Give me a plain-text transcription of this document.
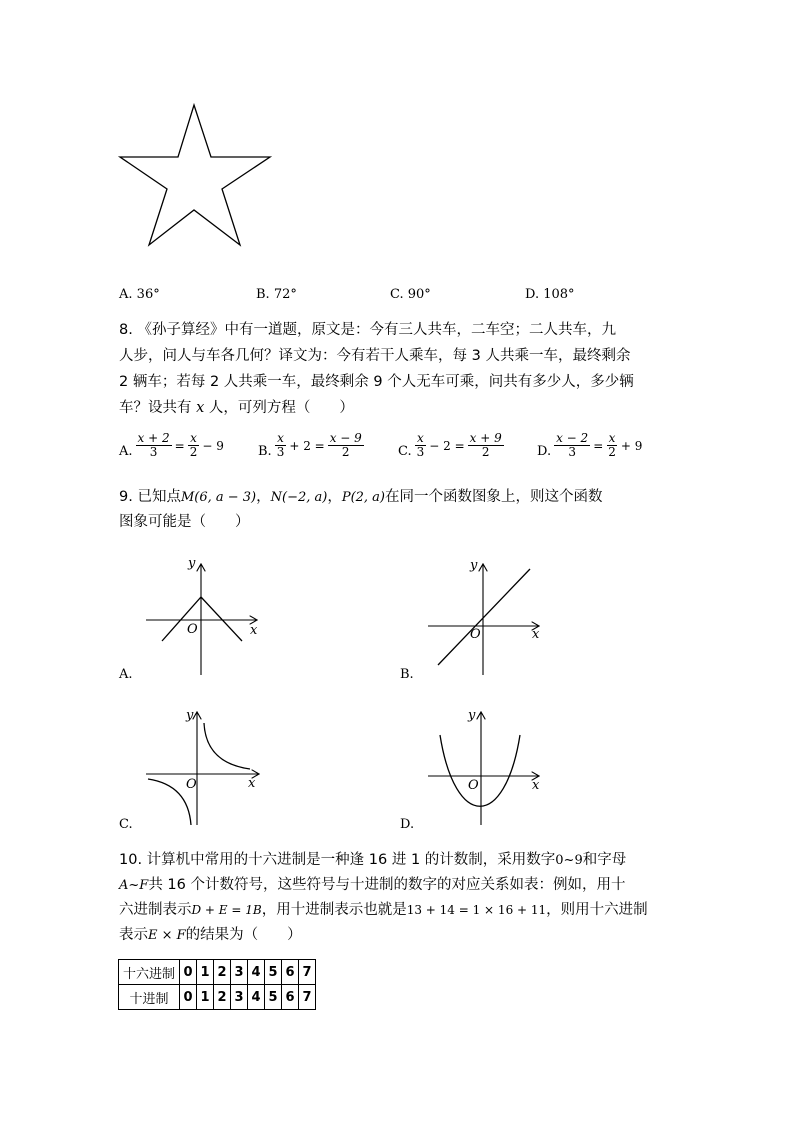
A. 36°	B. 72°	C. 90°	D. 108°
8. 《孙子算经》中有一道题，原文是：今有三人共车，二车空；二人共车，九
人步，问人与车各几何？译文为：今有若干人乘车，每 3 人共乘一车，最终剩余
2 辆车；若每 2 人共乘一车，最终剩余 9 个人无车可乘，问共有多少人，多少辆
车？设共有 x 人，可列方程（　　）
A. $\frac{x + 2}{3} = \frac{x}{2} - 9$	B. $\frac{x}{3} + 2 = \frac{x - 9}{2}$	C. $\frac{x}{3} - 2 = \frac{x + 9}{2}$	D. $\frac{x - 2}{3} = \frac{x}{2} + 9$
9. 已知点M(6, a − 3)，N(−2, a)，P(2, a)在同一个函数图象上，则这个函数
图象可能是（　　）
y
x
O
A.
y
x
O
B.
y
x
O
C.
y
x
O
D.
10. 计算机中常用的十六进制是一种逢 16 进 1 的计数制，采用数字0~9和字母
A~F共 16 个计数符号，这些符号与十进制的数字的对应关系如表：例如，用十
六进制表示D + E = 1B，用十进制表示也就是13 + 14 = 1 × 16 + 11，则用十六进制
表示E × F的结果为（　　）
十六进制	0	1	2	3	4	5	6	7
十进制	0	1	2	3	4	5	6	7
